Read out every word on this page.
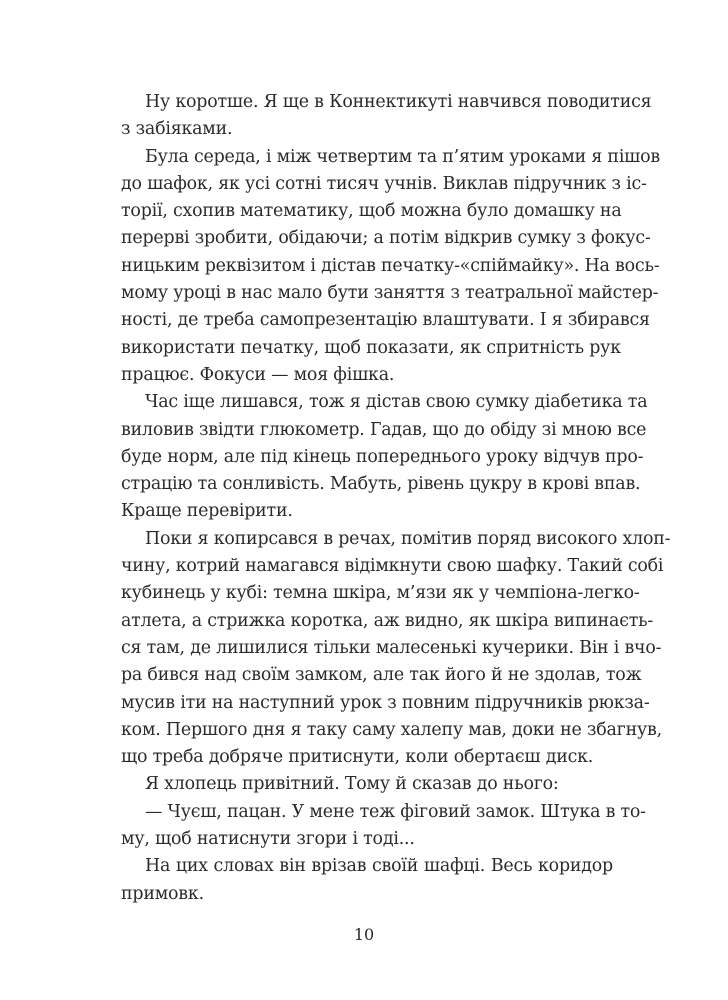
Ну коротше. Я ще в Коннектикуті навчився поводитися
з забіяками.
Була середа, і між четвертим та п’ятим уроками я пішов
до шафок, як усі сотні тисяч учнів. Виклав підручник з іс-
торії, схопив математику, щоб можна було домашку на
перерві зробити, обідаючи; а потім відкрив сумку з фокус-
ницьким реквізитом і дістав печатку-«спіймайку». На вось-
мому уроці в нас мало бути заняття з театральної майстер-
ності, де треба самопрезентацію влаштувати. І я збирався
використати печатку, щоб показати, як спритність рук
працює. Фокуси — моя фішка.
Час іще лишався, тож я дістав свою сумку діабетика та
виловив звідти глюкометр. Гадав, що до обіду зі мною все
буде норм, але під кінець попереднього уроку відчув про-
страцію та сонливість. Мабуть, рівень цукру в крові впав.
Краще перевірити.
Поки я копирсався в речах, помітив поряд високого хлоп-
чину, котрий намагався відімкнути свою шафку. Такий собі
кубинець у кубі: темна шкіра, м’язи як у чемпіона-легко-
атлета, а стрижка коротка, аж видно, як шкіра випинаєть-
ся там, де лишилися тільки малесенькі кучерики. Він і вчо-
ра бився над своїм замком, але так його й не здолав, тож
мусив іти на наступний урок з повним підручників рюкза-
ком. Першого дня я таку саму халепу мав, доки не збагнув,
що треба добряче притиснути, коли обертаєш диск.
Я хлопець привітний. Тому й сказав до нього:
— Чуєш, пацан. У мене теж фіговий замок. Штука в то-
му, щоб натиснути згори і тоді...
На цих словах він врізав своїй шафці. Весь коридор
примовк.
10
